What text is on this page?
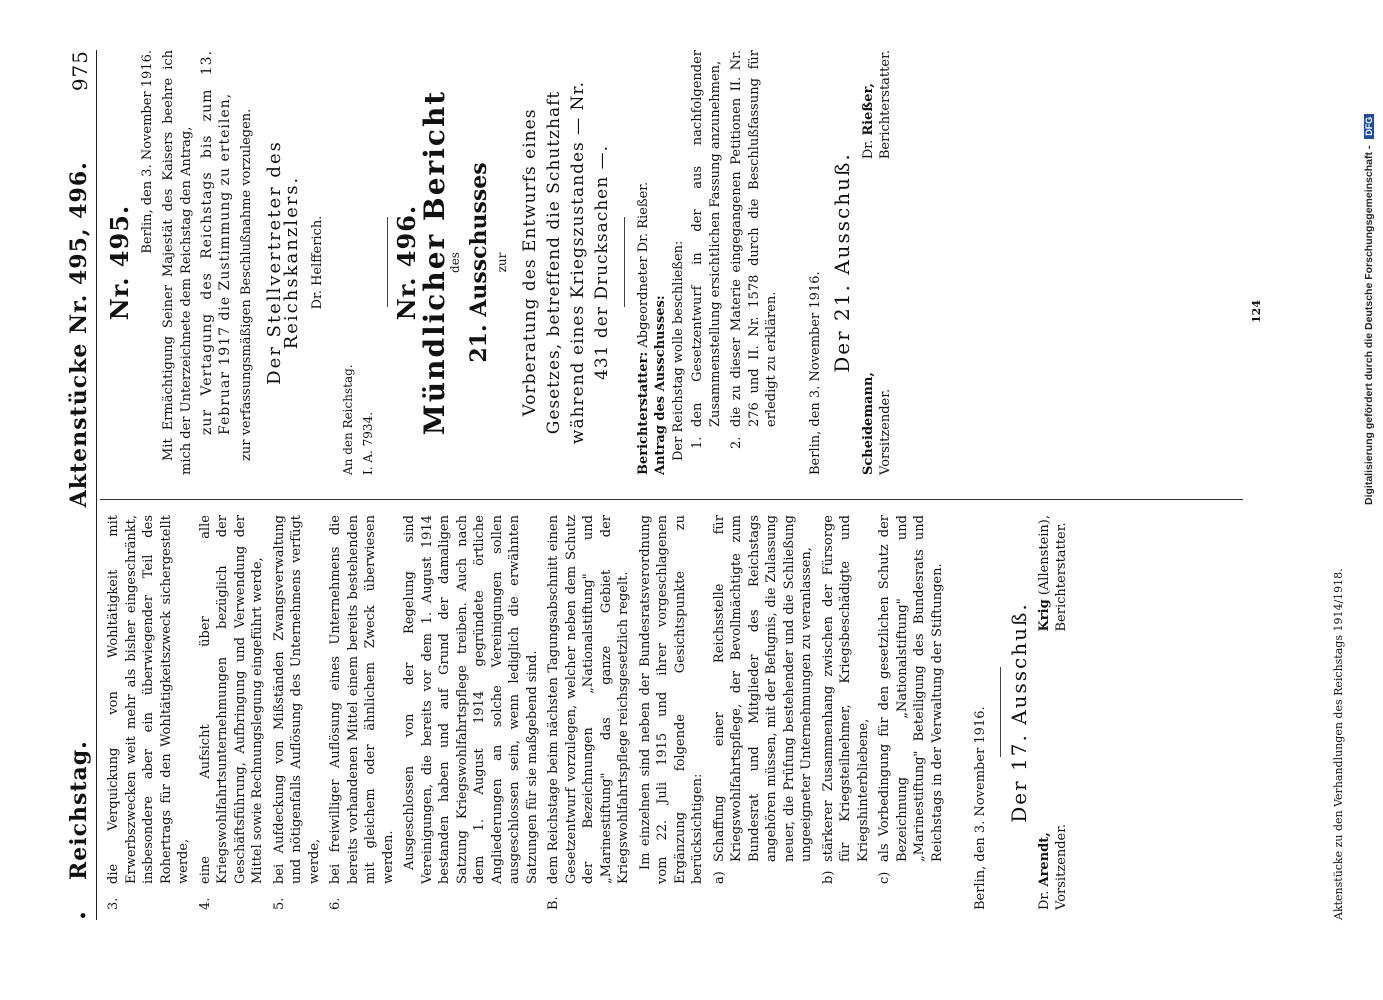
•
Reichstag.
Aktenstücke Nr. 495, 496.
975
3.
die Verquickung von Wohltätigkeit mit Erwerbszwecken weit mehr als bisher eingeschränkt, insbesondere aber ein überwiegender Teil des Rohertrags für den Wohltätigkeitszweck sichergestellt werde,
4.
eine Aufsicht über alle Kriegswohlfahrtsunternehmungen bezüglich der Geschäftsführung, Aufbringung und Verwendung der Mittel sowie Rechnungslegung eingeführt werde,
5.
bei Aufdeckung von Mißständen Zwangsverwaltung und nötigenfalls Auflösung des Unternehmens verfügt werde,
6.
bei freiwilliger Auflösung eines Unternehmens die bereits vorhandenen Mittel einem bereits bestehenden mit gleichem oder ähnlichem Zweck überwiesen werden. Ausgeschlossen von der Regelung sind Vereinigungen, die bereits vor dem 1. August 1914 bestanden haben und auf Grund der damaligen Satzung Kriegswohlfahrtspflege treiben. Auch nach dem 1. August 1914 gegründete örtliche Angliederungen an solche Vereinigungen sollen ausgeschlossen sein, wenn lediglich die erwähnten Satzungen für sie maßgebend sind.
B.
dem Reichstage beim nächsten Tagungsabschnitt einen Gesetzentwurf vorzulegen, welcher neben dem Schutz der Bezeichnungen „Nationalstiftung" und „Marinestiftung" das ganze Gebiet der Kriegswohlfahrtspflege reichsgesetzlich regelt. Im einzelnen sind neben der Bundesratsverordnung vom 22. Juli 1915 und ihrer vorgeschlagenen Ergänzung folgende Gesichtspunkte zu berücksichtigen: a)
Schaffung einer Reichsstelle für Kriegswohlfahrtspflege, der Bevollmächtigte zum Bundesrat und Mitglieder des Reichstags angehören müssen, mit der Befugnis, die Zulassung neuer, die Prüfung bestehender und die Schließung ungeeigneter Unternehmungen zu veranlassen,
b)
stärkerer Zusammenhang zwischen der Fürsorge für Kriegsteilnehmer, Kriegsbeschädigte und Kriegshinterbliebene,
c)
als Vorbedingung für den gesetzlichen Schutz der Bezeichnung „Nationalstiftung" und „Marinestiftung" Beteiligung des Bundesrats und Reichstags in der Verwaltung der Stiftungen. Berlin, den 3. November 1916. Der 17. Ausschuß.
Dr. Arendt, Vorsitzender.
Krig (Allenstein), Berichterstatter.
Nr. 495.
Berlin, den 3. November 1916. Mit Ermächtigung Seiner Majestät des Kaisers beehre ich mich der Unterzeichnete dem Reichstag den Antrag, zur Vertagung des Reichstags bis zum 13. Februar 1917 die Zustimmung zu erteilen, zur verfassungsmäßigen Beschlußnahme vorzulegen. Der Stellvertreter des Reichskanzlers. Dr. Helfferich.
An den Reichstag. I. A. 7934.
Nr. 496.
Mündlicher Bericht
des 21. Ausschusses zur Vorberatung des Entwurfs eines Gesetzes, betreffend die Schutzhaft während eines Kriegszustandes — Nr. 431 der Drucksachen —.
Berichterstatter: Abgeordneter Dr. Rießer.
Antrag des Ausschusses: Der Reichstag wolle beschließen: 1.
den Gesetzentwurf in der aus nachfolgender Zusammenstellung ersichtlichen Fassung anzunehmen,
2.
die zu dieser Materie eingegangenen Petitionen II. Nr. 276 und II. Nr. 1578 durch die Beschlußfassung für erledigt zu erklären. Berlin, den 3. November 1916.
Der 21. Ausschuß.
Scheidemann, Vorsitzender.
Dr. Rießer, Berichterstatter.
Aktenstücke zu den Verhandlungen des Reichstags 1914/1918.
124	Digitalisierung gefördert durch die Deutsche Forschungsgemeinschaft - DFG
